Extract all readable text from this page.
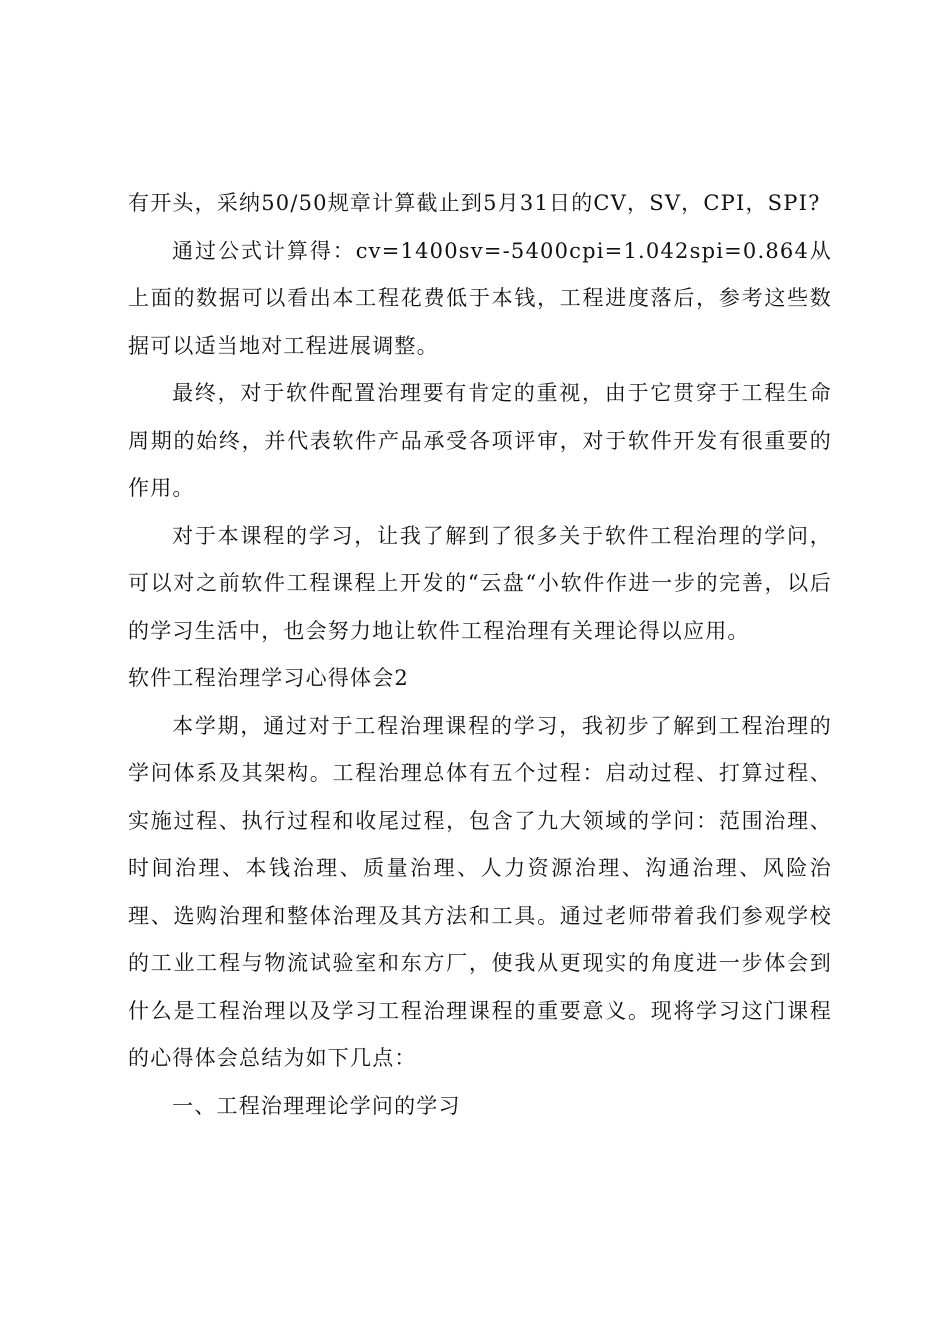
有开头，采纳50/50规章计算截止到5月31日的CV，SV，CPI，SPI?

通过公式计算得：cv=1400sv=-5400cpi=1.042spi=0.864从上面的数据可以看出本工程花费低于本钱，工程进度落后，参考这些数据可以适当地对工程进展调整。

最终，对于软件配置治理要有肯定的重视，由于它贯穿于工程生命周期的始终，并代表软件产品承受各项评审，对于软件开发有很重要的作用。

对于本课程的学习，让我了解到了很多关于软件工程治理的学问，可以对之前软件工程课程上开发的“云盘“小软件作进一步的完善，以后的学习生活中，也会努力地让软件工程治理有关理论得以应用。

软件工程治理学习心得体会2

本学期，通过对于工程治理课程的学习，我初步了解到工程治理的学问体系及其架构。工程治理总体有五个过程：启动过程、打算过程、实施过程、执行过程和收尾过程，包含了九大领域的学问：范围治理、时间治理、本钱治理、质量治理、人力资源治理、沟通治理、风险治理、选购治理和整体治理及其方法和工具。通过老师带着我们参观学校的工业工程与物流试验室和东方厂，使我从更现实的角度进一步体会到什么是工程治理以及学习工程治理课程的重要意义。现将学习这门课程的心得体会总结为如下几点：

一、工程治理理论学问的学习
